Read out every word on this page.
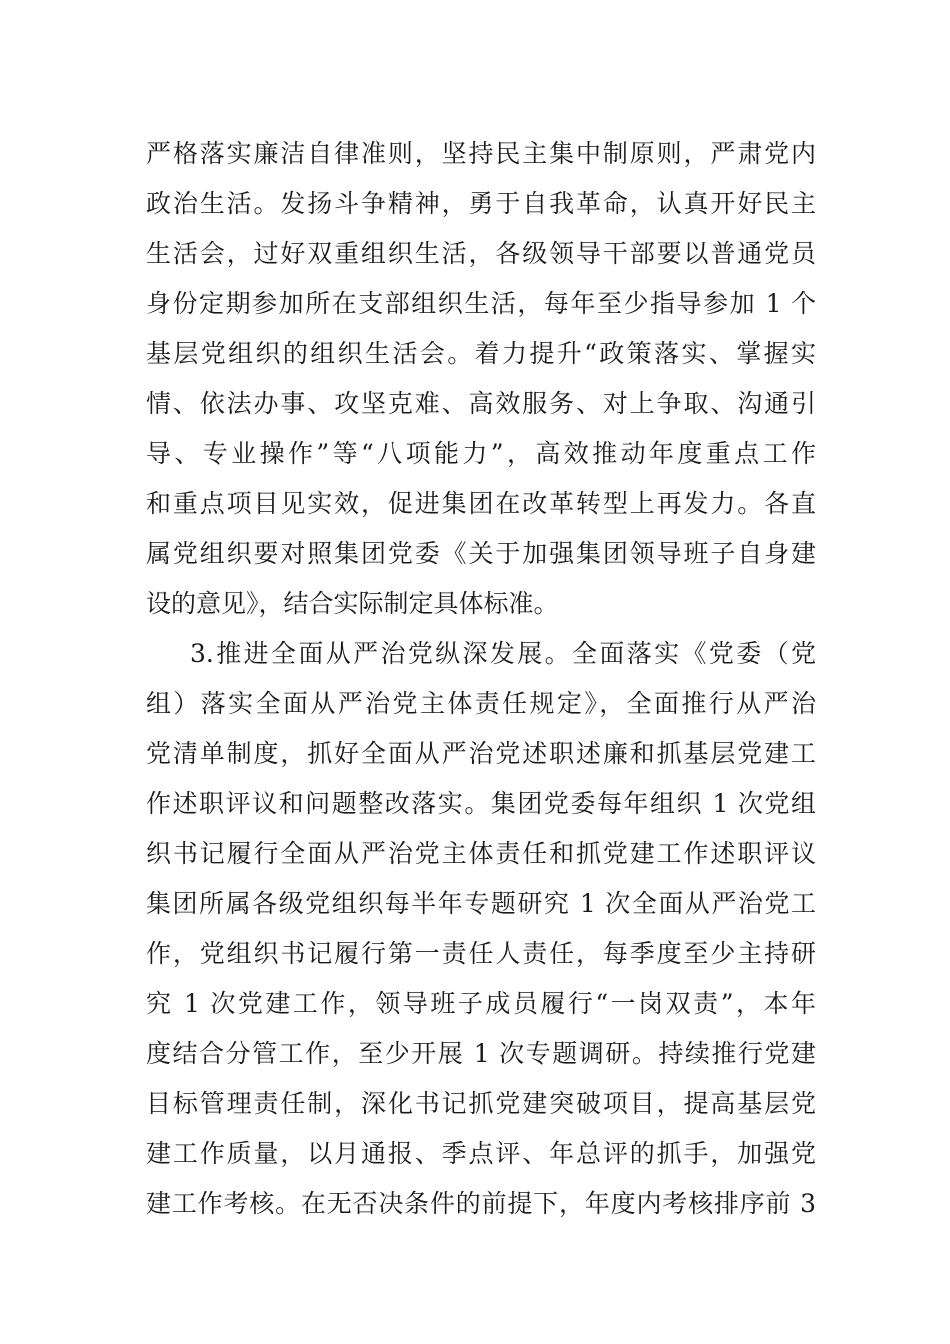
严格落实廉洁自律准则，坚持民主集中制原则，严肃党内
政治生活。发扬斗争精神，勇于自我革命，认真开好民主
生活会，过好双重组织生活，各级领导干部要以普通党员
身份定期参加所在支部组织生活，每年至少指导参加 1 个
基层党组织的组织生活会。着力提升“政策落实、掌握实
情、依法办事、攻坚克难、高效服务、对上争取、沟通引
导、专业操作”等“八项能力”，高效推动年度重点工作
和重点项目见实效，促进集团在改革转型上再发力。各直
属党组织要对照集团党委《关于加强集团领导班子自身建
设的意见》，结合实际制定具体标准。
3.推进全面从严治党纵深发展。全面落实《党委（党
组）落实全面从严治党主体责任规定》，全面推行从严治
党清单制度，抓好全面从严治党述职述廉和抓基层党建工
作述职评议和问题整改落实。集团党委每年组织 1 次党组
织书记履行全面从严治党主体责任和抓党建工作述职评议
集团所属各级党组织每半年专题研究 1 次全面从严治党工
作，党组织书记履行第一责任人责任，每季度至少主持研
究 1 次党建工作，领导班子成员履行“一岗双责”，本年
度结合分管工作，至少开展 1 次专题调研。持续推行党建
目标管理责任制，深化书记抓党建突破项目，提高基层党
建工作质量，以月通报、季点评、年总评的抓手，加强党
建工作考核。在无否决条件的前提下，年度内考核排序前 3
